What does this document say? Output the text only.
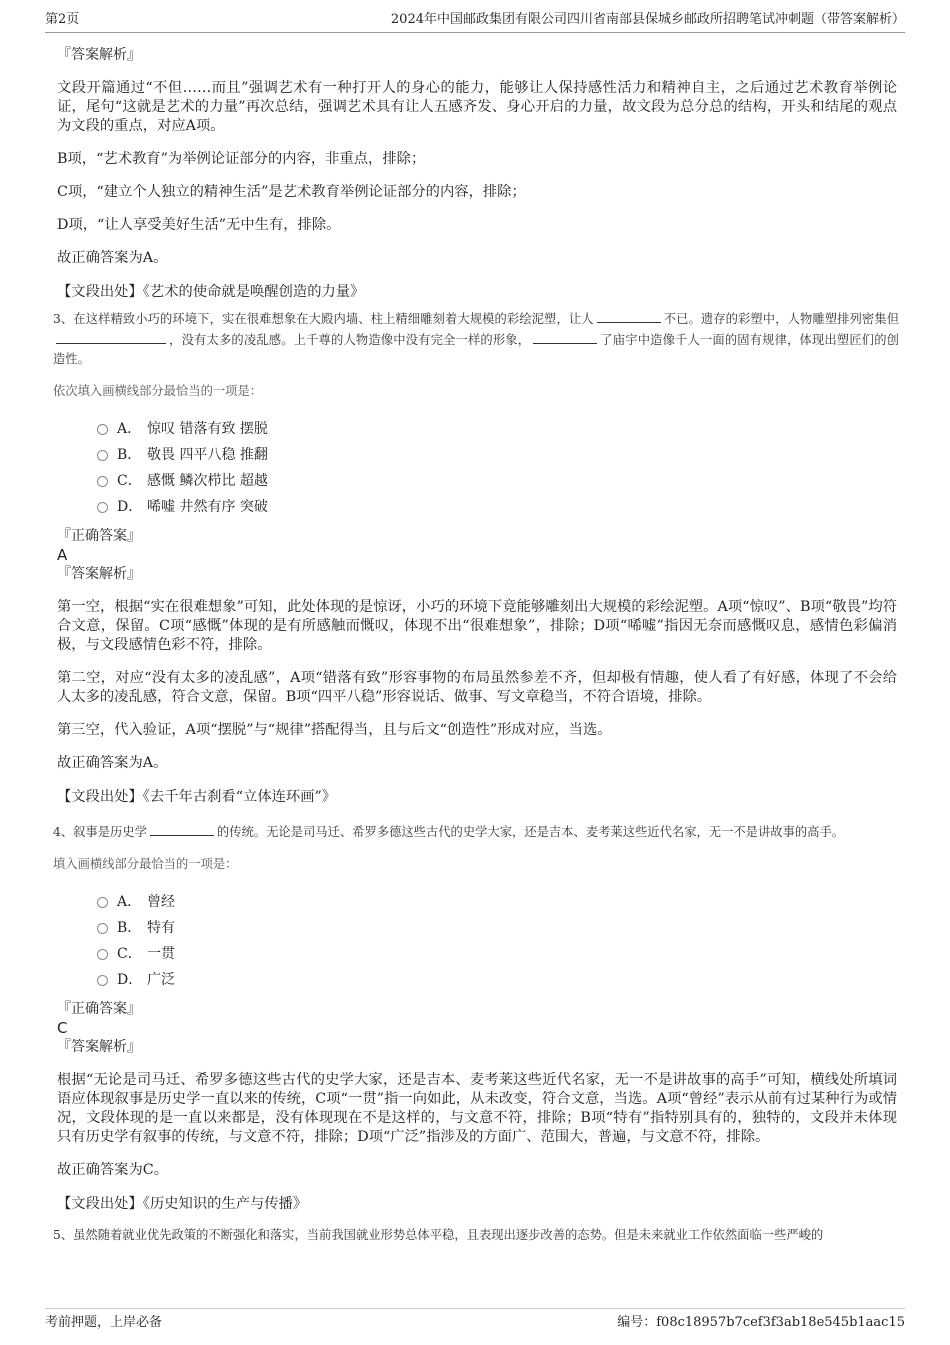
第2页	2024年中国邮政集团有限公司四川省南部县保城乡邮政所招聘笔试冲刺题（带答案解析）

『答案解析』

文段开篇通过“不但……而且”强调艺术有一种打开人的身心的能力，能够让人保持感性活力和精神自主，之后通过艺术教育举例论证，尾句“这就是艺术的力量”再次总结，强调艺术具有让人五感齐发、身心开启的力量，故文段为总分总的结构，开头和结尾的观点为文段的重点，对应A项。

B项，“艺术教育”为举例论证部分的内容，非重点，排除；

C项，“建立个人独立的精神生活”是艺术教育举例论证部分的内容，排除；

D项，“让人享受美好生活”无中生有，排除。

故正确答案为A。

【文段出处】《艺术的使命就是唤醒创造的力量》

3、在这样精致小巧的环境下，实在很难想象在大殿内墙、柱上精细雕刻着大规模的彩绘泥塑，让人	不已。遗存的彩塑中，人物雕塑排列密集但，没有太多的凌乱感。上千尊的人物造像中没有完全一样的形象，	了庙宇中造像千人一面的固有规律，体现出塑匠们的创造性。

依次填入画横线部分最恰当的一项是：

A． 惊叹 错落有致 摆脱
B． 敬畏 四平八稳 推翻
C． 感慨 鳞次栉比 超越
D． 唏嘘 井然有序 突破

『正确答案』

A

『答案解析』

第一空，根据“实在很难想象”可知，此处体现的是惊讶，小巧的环境下竟能够雕刻出大规模的彩绘泥塑。A项“惊叹”、B项“敬畏”均符合文意，保留。C项“感慨”体现的是有所感触而慨叹，体现不出“很难想象”，排除；D项“唏嘘”指因无奈而感慨叹息，感情色彩偏消极，与文段感情色彩不符，排除。

第二空，对应“没有太多的凌乱感”，A项“错落有致”形容事物的布局虽然参差不齐，但却极有情趣，使人看了有好感，体现了不会给人太多的凌乱感，符合文意，保留。B项“四平八稳”形容说话、做事、写文章稳当，不符合语境，排除。

第三空，代入验证，A项“摆脱”与“规律”搭配得当，且与后文“创造性”形成对应，当选。

故正确答案为A。

【文段出处】《去千年古刹看“立体连环画”》

4、叙事是历史学	的传统。无论是司马迁、希罗多德这些古代的史学大家，还是吉本、麦考莱这些近代名家，无一不是讲故事的高手。

填入画横线部分最恰当的一项是：

A． 曾经
B． 特有
C． 一贯
D． 广泛

『正确答案』

C

『答案解析』

根据“无论是司马迁、希罗多德这些古代的史学大家，还是吉本、麦考莱这些近代名家，无一不是讲故事的高手”可知，横线处所填词语应体现叙事是历史学一直以来的传统，C项“一贯”指一向如此，从未改变，符合文意，当选。A项“曾经”表示从前有过某种行为或情况，文段体现的是一直以来都是，没有体现现在不是这样的，与文意不符，排除；B项“特有”指特别具有的，独特的，文段并未体现只有历史学有叙事的传统，与文意不符，排除；D项“广泛”指涉及的方面广、范围大，普遍，与文意不符，排除。

故正确答案为C。

【文段出处】《历史知识的生产与传播》

5、虽然随着就业优先政策的不断强化和落实，当前我国就业形势总体平稳，且表现出逐步改善的态势。但是未来就业工作依然面临一些严峻的

考前押题，上岸必备	编号：f08c18957b7cef3f3ab18e545b1aac15
